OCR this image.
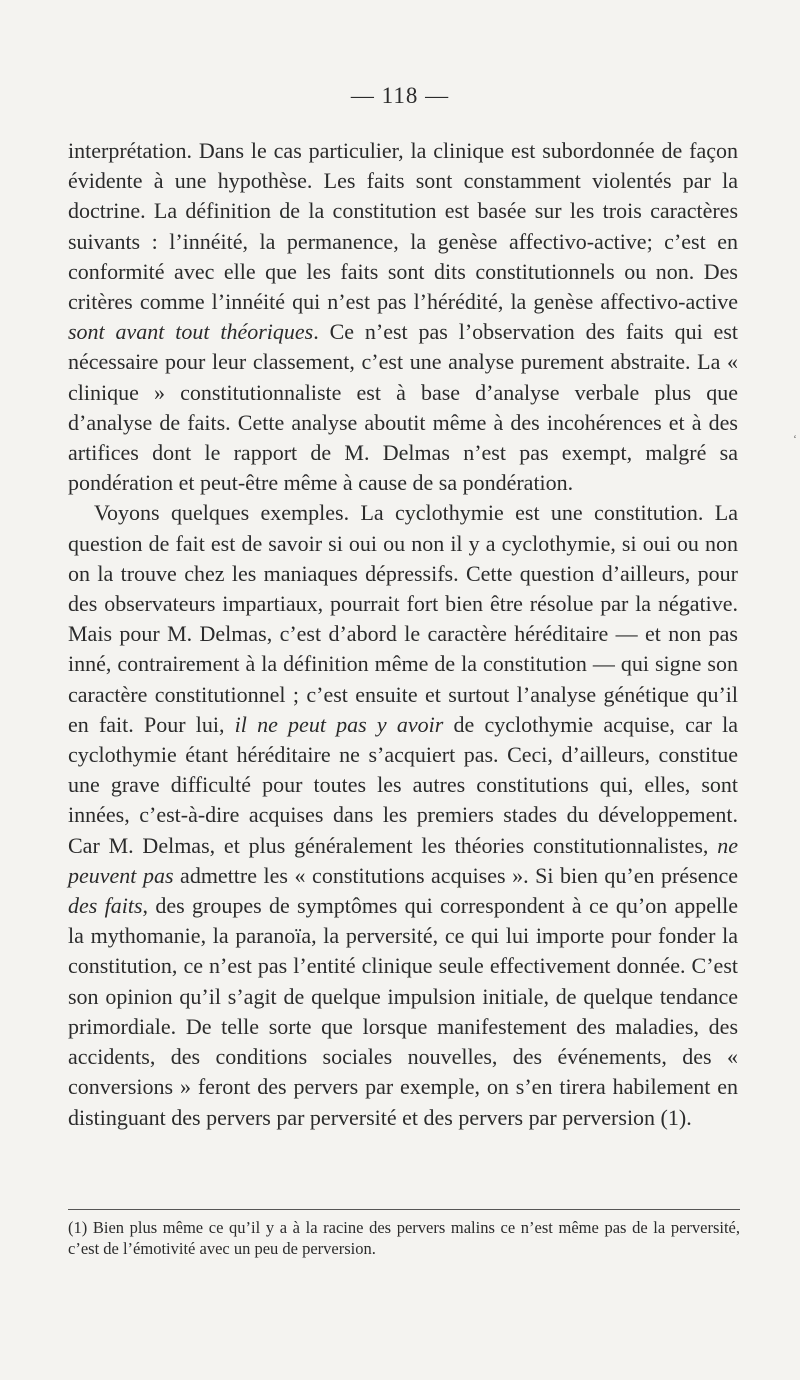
— 118 —

interprétation. Dans le cas particulier, la clinique est subordonnée de façon évidente à une hypothèse. Les faits sont constamment violentés par la doctrine. La définition de la constitution est basée sur les trois caractères suivants : l’innéité, la permanence, la genèse affectivo-active; c’est en conformité avec elle que les faits sont dits constitutionnels ou non. Des critères comme l’innéité qui n’est pas l’hérédité, la genèse affectivo-active sont avant tout théoriques. Ce n’est pas l’observation des faits qui est nécessaire pour leur classement, c’est une analyse purement abstraite. La « clinique » constitutionnaliste est à base d’analyse verbale plus que d’analyse de faits. Cette analyse aboutit même à des incohérences et à des artifices dont le rapport de M. Delmas n’est pas exempt, malgré sa pondération et peut-être même à cause de sa pondération.

Voyons quelques exemples. La cyclothymie est une constitution. La question de fait est de savoir si oui ou non il y a cyclothymie, si oui ou non on la trouve chez les maniaques dépressifs. Cette question d’ailleurs, pour des observateurs impartiaux, pourrait fort bien être résolue par la négative. Mais pour M. Delmas, c’est d’abord le caractère héréditaire — et non pas inné, contrairement à la définition même de la constitution — qui signe son caractère constitutionnel ; c’est ensuite et surtout l’analyse génétique qu’il en fait. Pour lui, il ne peut pas y avoir de cyclothymie acquise, car la cyclothymie étant héréditaire ne s’acquiert pas. Ceci, d’ailleurs, constitue une grave difficulté pour toutes les autres constitutions qui, elles, sont innées, c’est-à-dire acquises dans les premiers stades du développement. Car M. Delmas, et plus généralement les théories constitutionnalistes, ne peuvent pas admettre les « constitutions acquises ». Si bien qu’en présence des faits, des groupes de symptômes qui correspondent à ce qu’on appelle la mythomanie, la paranoïa, la perversité, ce qui lui importe pour fonder la constitution, ce n’est pas l’entité clinique seule effectivement donnée. C’est son opinion qu’il s’agit de quelque impulsion initiale, de quelque tendance primordiale. De telle sorte que lorsque manifestement des maladies, des accidents, des conditions sociales nouvelles, des événements, des « conversions » feront des pervers par exemple, on s’en tirera habilement en distinguant des pervers par perversité et des pervers par perversion (1).

‘

(1) Bien plus même ce qu’il y a à la racine des pervers malins ce n’est même pas de la perversité, c’est de l’émotivité avec un peu de perversion.
